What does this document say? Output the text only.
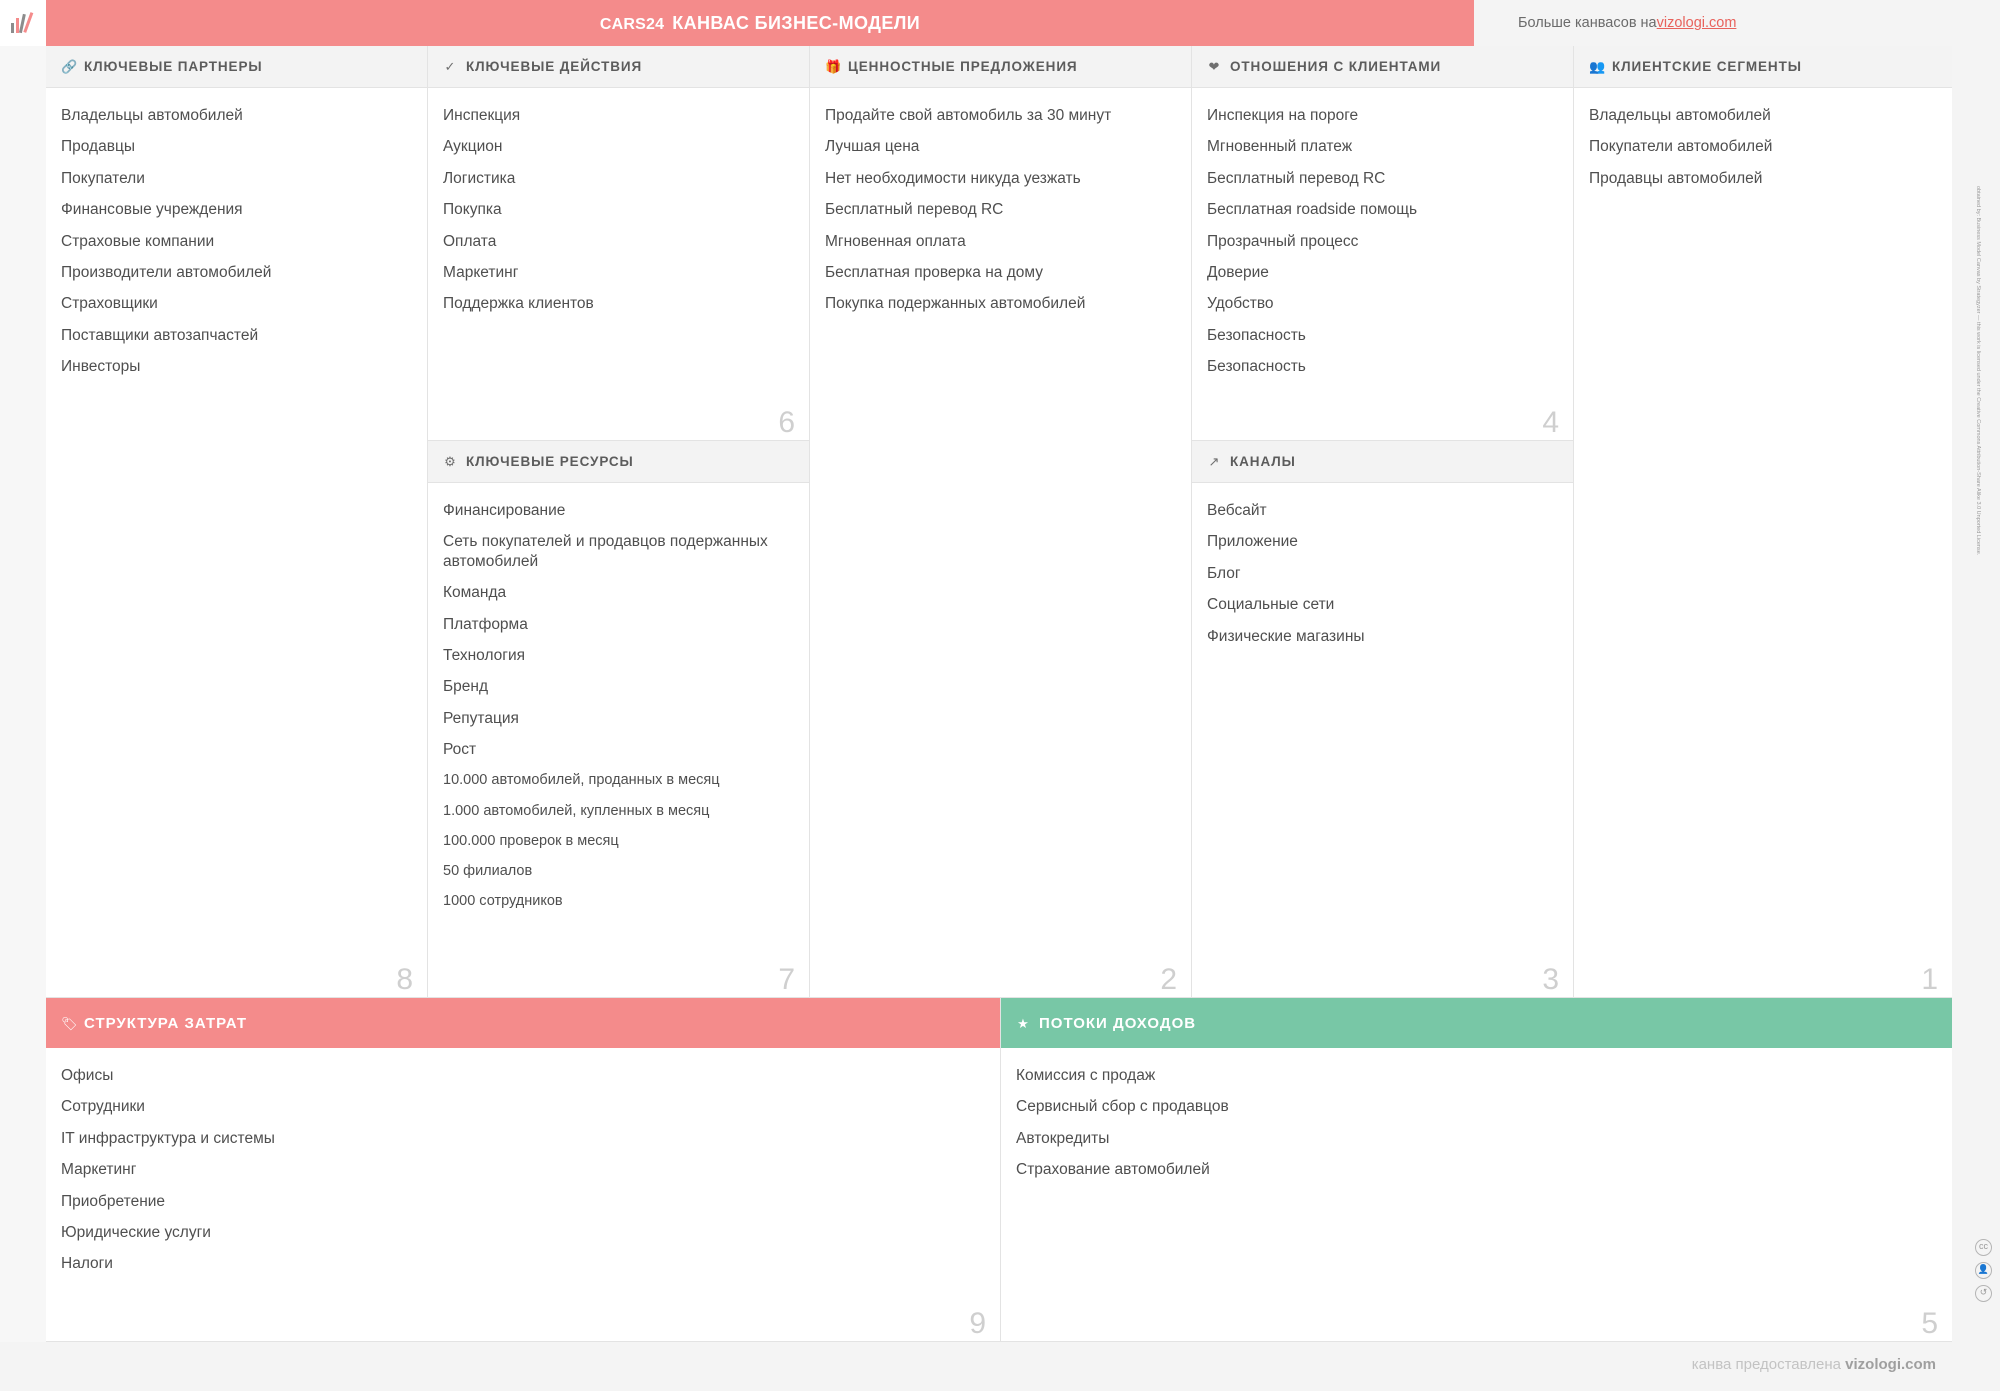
CARS24 КАНВАС БИЗНЕС-МОДЕЛИ	Больше канвасов на vizologi.com
🔗 КЛЮЧЕВЫЕ ПАРТНЕРЫ
Владельцы автомобилей
Продавцы
Покупатели
Финансовые учреждения
Страховые компании
Производители автомобилей
Страховщики
Поставщики автозапчастей
Инвесторы
8
✓ КЛЮЧЕВЫЕ ДЕЙСТВИЯ
Инспекция
Аукцион
Логистика
Покупка
Оплата
Маркетинг
Поддержка клиентов
6
⚙ КЛЮЧЕВЫЕ РЕСУРСЫ
Финансирование
Сеть покупателей и продавцов подержанных автомобилей
Команда
Платформа
Технология
Бренд
Репутация
Рост
10.000 автомобилей, проданных в месяц
1.000 автомобилей, купленных в месяц
100.000 проверок в месяц
50 филиалов
1000 сотрудников
7
🎁 ЦЕННОСТНЫЕ ПРЕДЛОЖЕНИЯ
Продайте свой автомобиль за 30 минут
Лучшая цена
Нет необходимости никуда уезжать
Бесплатный перевод RC
Мгновенная оплата
Бесплатная проверка на дому
Покупка подержанных автомобилей
2
❤ ОТНОШЕНИЯ С КЛИЕНТАМИ
Инспекция на пороге
Мгновенный платеж
Бесплатный перевод RC
Бесплатная roadside помощь
Прозрачный процесс
Доверие
Удобство
Безопасность
Безопасность
4
↗ КАНАЛЫ
Вебсайт
Приложение
Блог
Социальные сети
Физические магазины
3
👥 КЛИЕНТСКИЕ СЕГМЕНТЫ
Владельцы автомобилей
Покупатели автомобилей
Продавцы автомобилей
1
🏷 СТРУКТУРА ЗАТРАТ
Офисы
Сотрудники
IT инфраструктура и системы
Маркетинг
Приобретение
Юридические услуги
Налоги
9
★ ПОТОКИ ДОХОДОВ
Комиссия с продаж
Сервисный сбор с продавцов
Автокредиты
Страхование автомобилей
5
obtained by: Business Model Canvas by Strategyzer — this work is licensed under the Creative Commons Attribution-Share Alike 3.0 Unported License.
cc
👤
↺
канва предоставлена vizologi.com
